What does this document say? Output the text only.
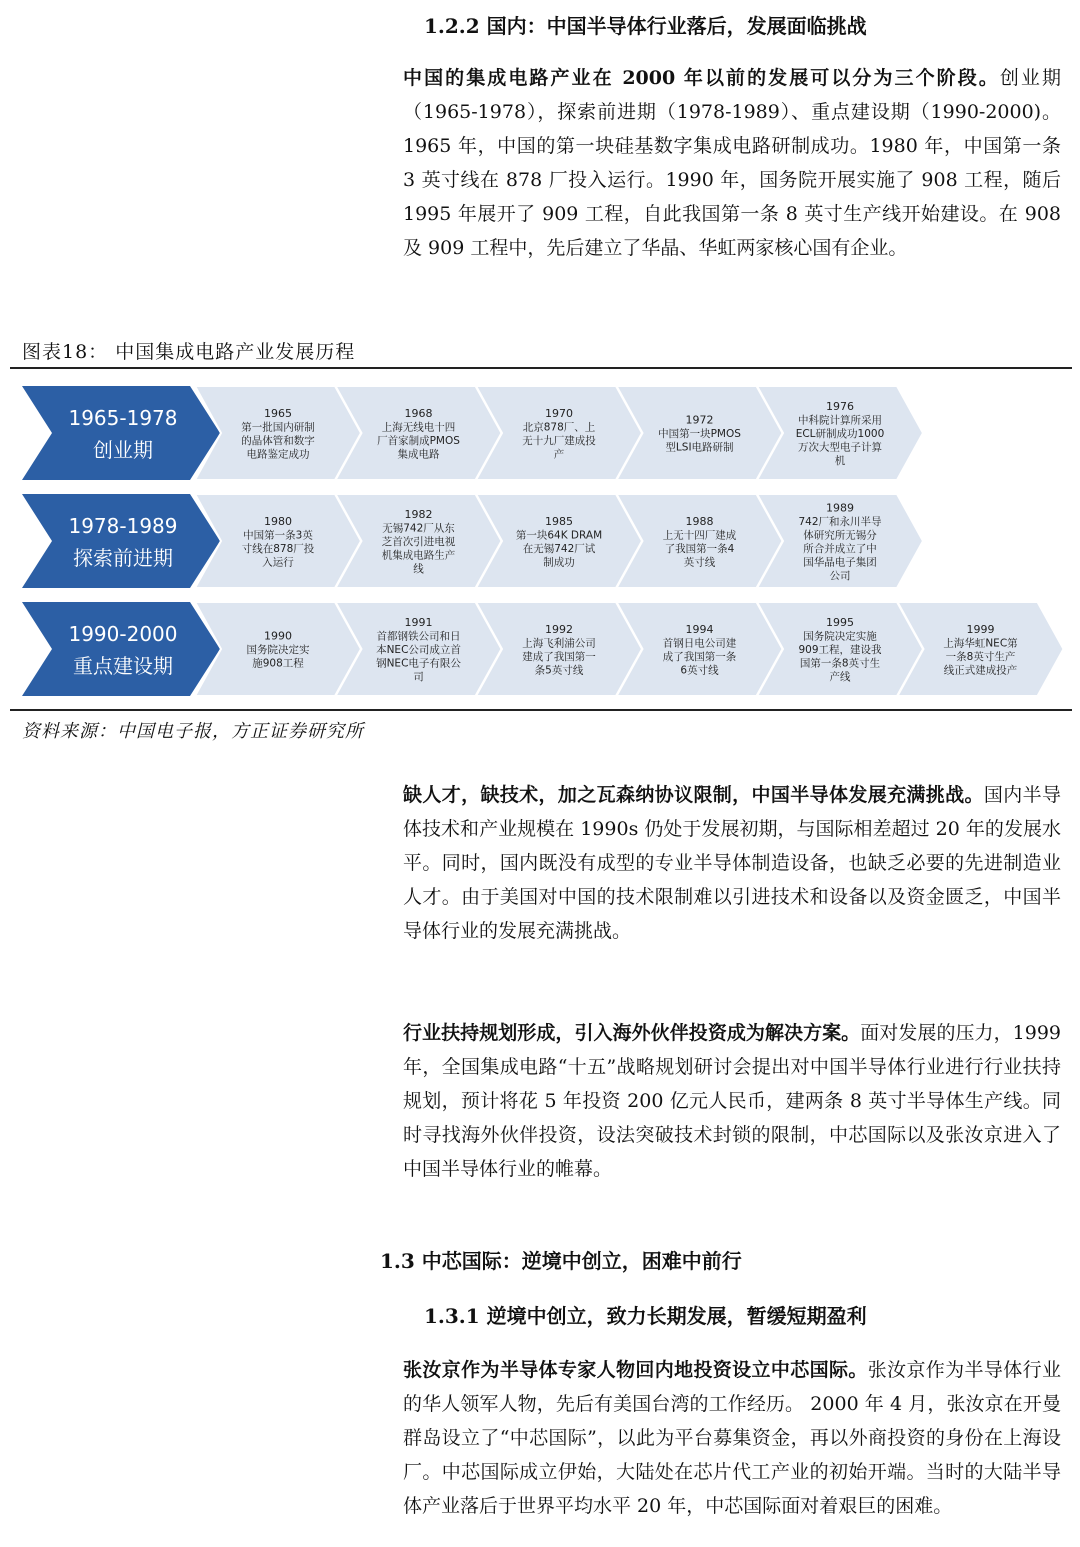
1.2.2 国内：中国半导体行业落后，发展面临挑战

中国的集成电路产业在 2000 年以前的发展可以分为三个阶段。创业期（1965-1978），探索前进期（1978-1989）、重点建设期（1990-2000)。1965 年，中国的第一块硅基数字集成电路研制成功。1980 年，中国第一条 3 英寸线在 878 厂投入运行。1990 年，国务院开展实施了 908 工程，随后 1995 年展开了 909 工程，自此我国第一条 8 英寸生产线开始建设。在 908 及 909 工程中，先后建立了华晶、华虹两家核心国有企业。

图表18： 中国集成电路产业发展历程

1965-1978
创业期
1965
第一批国内研制
的晶体管和数字
电路鉴定成功
1968
上海无线电十四
厂首家制成PMOS
集成电路
1970
北京878厂、上
无十九厂建成投
产
1972
中国第一块PMOS
型LSI电路研制
1976
中科院计算所采用
ECL研制成功1000
万次大型电子计算
机
1978-1989
探索前进期
1980
中国第一条3英
寸线在878厂投
入运行
1982
无锡742厂从东
芝首次引进电视
机集成电路生产
线
1985
第一块64K DRAM
在无锡742厂试
制成功
1988
上无十四厂建成
了我国第一条4
英寸线
1989
742厂和永川半导
体研究所无锡分
所合并成立了中
国华晶电子集团
公司
1990-2000
重点建设期
1990
国务院决定实
施908工程
1991
首都钢铁公司和日
本NEC公司成立首
钢NEC电子有限公
司
1992
上海飞利浦公司
建成了我国第一
条5英寸线
1994
首钢日电公司建
成了我国第一条
6英寸线
1995
国务院决定实施
909工程，建设我
国第一条8英寸生
产线
1999
上海华虹NEC第
一条8英寸生产
线正式建成投产

资料来源：中国电子报，方正证券研究所

缺人才，缺技术，加之瓦森纳协议限制，中国半导体发展充满挑战。国内半导体技术和产业规模在 1990s 仍处于发展初期，与国际相差超过 20 年的发展水平。同时，国内既没有成型的专业半导体制造设备，也缺乏必要的先进制造业人才。由于美国对中国的技术限制难以引进技术和设备以及资金匮乏，中国半导体行业的发展充满挑战。

行业扶持规划形成，引入海外伙伴投资成为解决方案。面对发展的压力，1999 年，全国集成电路“十五”战略规划研讨会提出对中国半导体行业进行行业扶持规划，预计将花 5 年投资 200 亿元人民币，建两条 8 英寸半导体生产线。同时寻找海外伙伴投资，设法突破技术封锁的限制，中芯国际以及张汝京进入了中国半导体行业的帷幕。

1.3 中芯国际：逆境中创立，困难中前行
1.3.1 逆境中创立，致力长期发展，暂缓短期盈利

张汝京作为半导体专家人物回内地投资设立中芯国际。张汝京作为半导体行业的华人领军人物，先后有美国台湾的工作经历。 2000 年 4 月，张汝京在开曼群岛设立了“中芯国际”，以此为平台募集资金，再以外商投资的身份在上海设厂。中芯国际成立伊始，大陆处在芯片代工产业的初始开端。当时的大陆半导体产业落后于世界平均水平 20 年，中芯国际面对着艰巨的困难。
